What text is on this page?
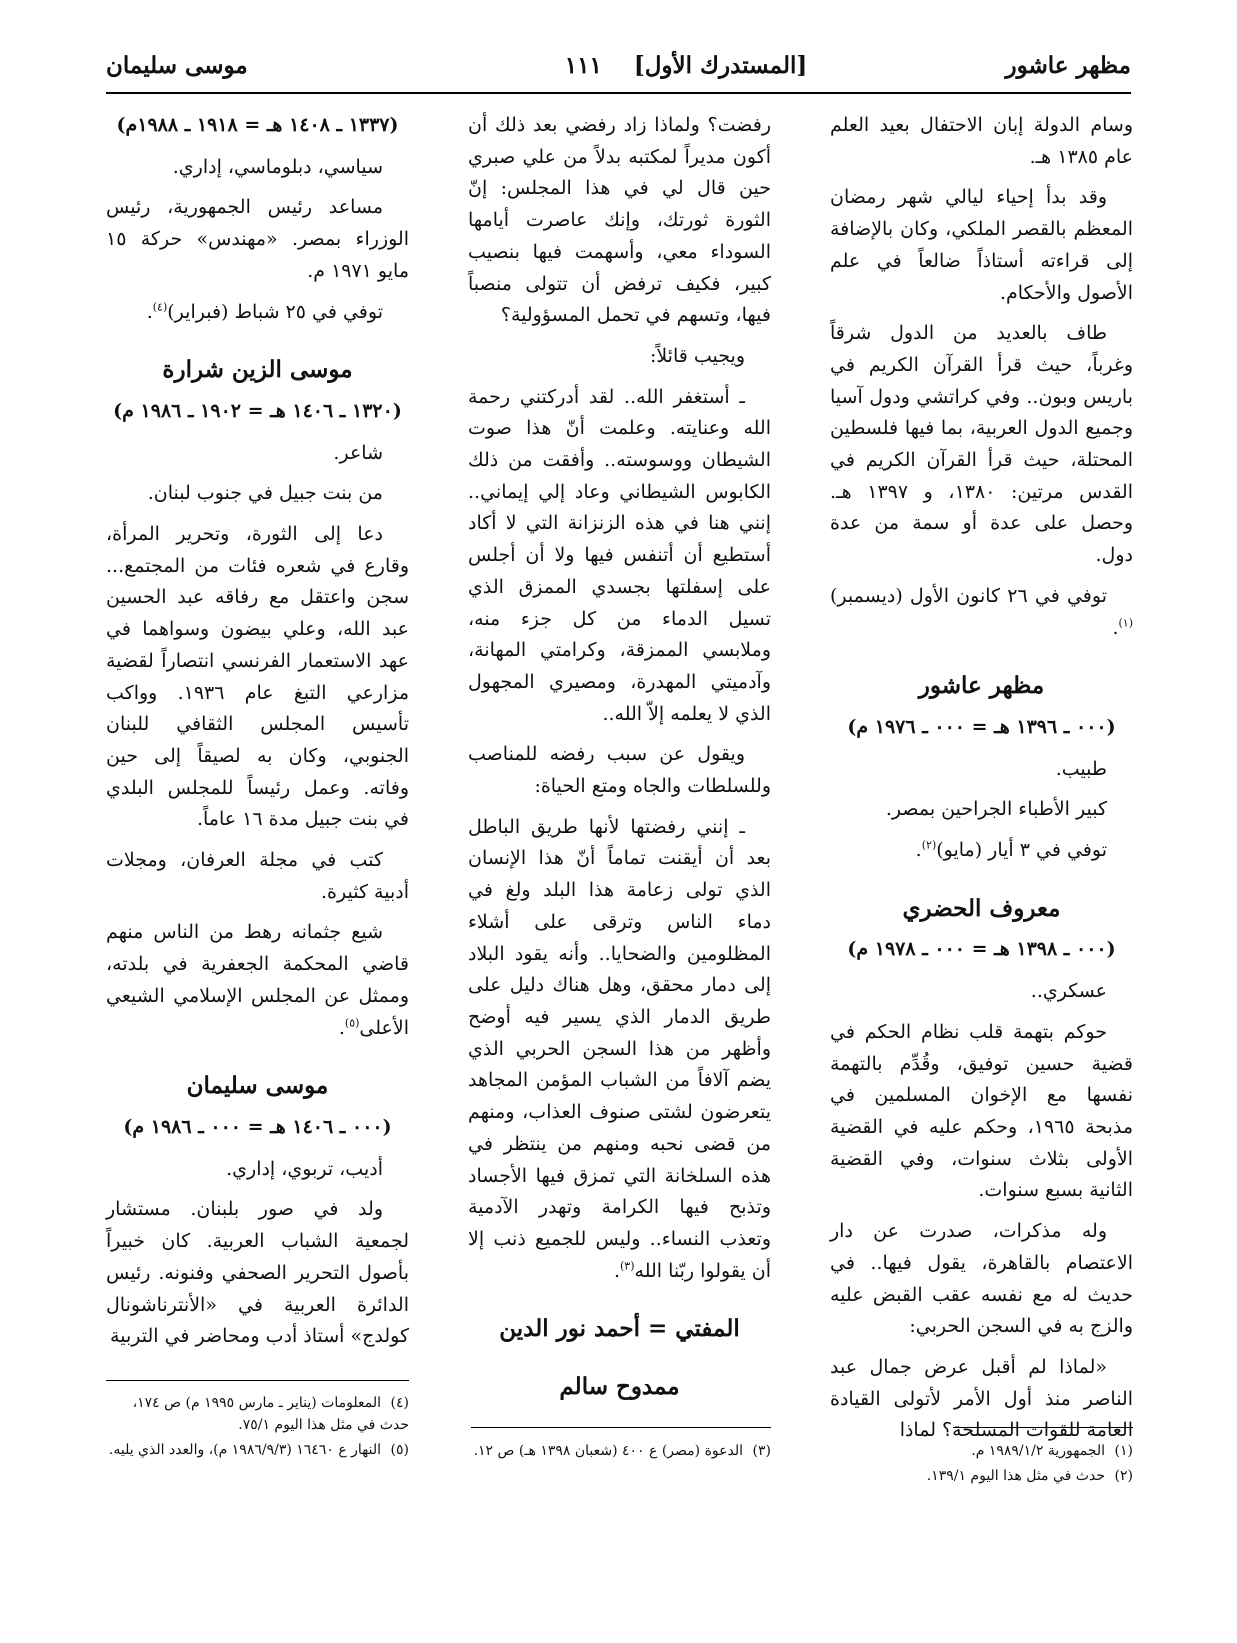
مظهر عاشور
[المستدرك الأول]    ١١١
موسى سليمان

وسام الدولة إبان الاحتفال بعيد العلم عام ١٣٨٥ هـ.

وقد بدأ إحياء ليالي شهر رمضان المعظم بالقصر الملكي، وكان بالإضافة إلى قراءته أستاذاً ضالعاً في علم الأصول والأحكام.

طاف بالعديد من الدول شرقاً وغرباً، حيث قرأ القرآن الكريم في باريس وبون.. وفي كراتشي ودول آسيا وجميع الدول العربية، بما فيها فلسطين المحتلة، حيث قرأ القرآن الكريم في القدس مرتين: ١٣٨٠، و ١٣٩٧ هـ. وحصل على عدة أو سمة من عدة دول.

توفي في ٢٦ كانون الأول (ديسمبر)$^{(١)}$.

مظهر عاشور
(٠٠٠ ـ ١٣٩٦ هـ = ٠٠٠ ـ ١٩٧٦ م)

طبيب.

كبير الأطباء الجراحين بمصر.

توفي في ٣ أيار (مايو)$^{(٢)}$.

معروف الحضري
(٠٠٠ ـ ١٣٩٨ هـ = ٠٠٠ ـ ١٩٧٨ م)

عسكري..

حوكم بتهمة قلب نظام الحكم في قضية حسين توفيق، وقُدِّم بالتهمة نفسها مع الإخوان المسلمين في مذبحة ١٩٦٥، وحكم عليه في القضية الأولى بثلاث سنوات، وفي القضية الثانية بسبع سنوات.

وله مذكرات، صدرت عن دار الاعتصام بالقاهرة، يقول فيها.. في حديث له مع نفسه عقب القبض عليه والزج به في السجن الحربي:

«لماذا لم أقبل عرض جمال عبد الناصر منذ أول الأمر لأتولى القيادة العامة للقوات المسلحة؟ لماذا

رفضت؟ ولماذا زاد رفضي بعد ذلك أن أكون مديراً لمكتبه بدلاً من علي صبري حين قال لي في هذا المجلس: إنّ الثورة ثورتك، وإنك عاصرت أيامها السوداء معي، وأسهمت فيها بنصيب كبير، فكيف ترفض أن تتولى منصباً فيها، وتسهم في تحمل المسؤولية؟

ويجيب قائلاً:

ـ أستغفر الله.. لقد أدركتني رحمة الله وعنايته. وعلمت أنّ هذا صوت الشيطان ووسوسته.. وأفقت من ذلك الكابوس الشيطاني وعاد إلي إيماني.. إنني هنا في هذه الزنزانة التي لا أكاد أستطيع أن أتنفس فيها ولا أن أجلس على إسفلتها بجسدي الممزق الذي تسيل الدماء من كل جزء منه، وملابسي الممزقة، وكرامتي المهانة، وآدميتي المهدرة، ومصيري المجهول الذي لا يعلمه إلاّ الله..

ويقول عن سبب رفضه للمناصب وللسلطات والجاه ومتع الحياة:

ـ إنني رفضتها لأنها طريق الباطل بعد أن أيقنت تماماً أنّ هذا الإنسان الذي تولى زعامة هذا البلد ولغ في دماء الناس وترقى على أشلاء المظلومين والضحايا.. وأنه يقود البلاد إلى دمار محقق، وهل هناك دليل على طريق الدمار الذي يسير فيه أوضح وأظهر من هذا السجن الحربي الذي يضم آلافاً من الشباب المؤمن المجاهد يتعرضون لشتى صنوف العذاب، ومنهم من قضى نحبه ومنهم من ينتظر في هذه السلخانة التي تمزق فيها الأجساد وتذبح فيها الكرامة وتهدر الآدمية وتعذب النساء.. وليس للجميع ذنب إلا أن يقولوا ربّنا الله$^{(٣)}$.

المفتي = أحمد نور الدين
ممدوح سالم
(١٣٣٧ ـ ١٤٠٨ هـ = ١٩١٨ ـ ١٩٨٨م)

سياسي، دبلوماسي، إداري.

مساعد رئيس الجمهورية، رئيس الوزراء بمصر. «مهندس» حركة ١٥ مايو ١٩٧١ م.

توفي في ٢٥ شباط (فبراير)$^{(٤)}$.

موسى الزين شرارة
(١٣٢٠ ـ ١٤٠٦ هـ = ١٩٠٢ ـ ١٩٨٦ م)

شاعر.

من بنت جبيل في جنوب لبنان.

دعا إلى الثورة، وتحرير المرأة، وقارع في شعره فئات من المجتمع... سجن واعتقل مع رفاقه عبد الحسين عبد الله، وعلي بيضون وسواهما في عهد الاستعمار الفرنسي انتصاراً لقضية مزارعي التبغ عام ١٩٣٦. وواكب تأسيس المجلس الثقافي للبنان الجنوبي، وكان به لصيقاً إلى حين وفاته. وعمل رئيساً للمجلس البلدي في بنت جبيل مدة ١٦ عاماً.

كتب في مجلة العرفان، ومجلات أدبية كثيرة.

شيع جثمانه رهط من الناس منهم قاضي المحكمة الجعفرية في بلدته، وممثل عن المجلس الإسلامي الشيعي الأعلى$^{(٥)}$.

موسى سليمان
(٠٠٠ ـ ١٤٠٦ هـ = ٠٠٠ ـ ١٩٨٦ م)

أديب، تربوي، إداري.

ولد في صور بلبنان. مستشار لجمعية الشباب العربية. كان خبيراً بأصول التحرير الصحفي وفنونه. رئيس الدائرة العربية في «الأنترناشونال كولدج» أستاذ أدب ومحاضر في التربية

(١)الجمهورية ١٩٨٩/١/٢ م.

(٢)حدث في مثل هذا اليوم ١٣٩/١.

(٣)الدعوة (مصر) ع ٤٠٠ (شعبان ١٣٩٨ هـ) ص ١٢.

(٤)المعلومات (يناير ـ مارس ١٩٩٥ م) ص ١٧٤، حدث في مثل هذا اليوم ٧٥/١.

(٥)النهار ع ١٦٤٦٠ (١٩٨٦/٩/٣ م)، والعدد الذي يليه.
